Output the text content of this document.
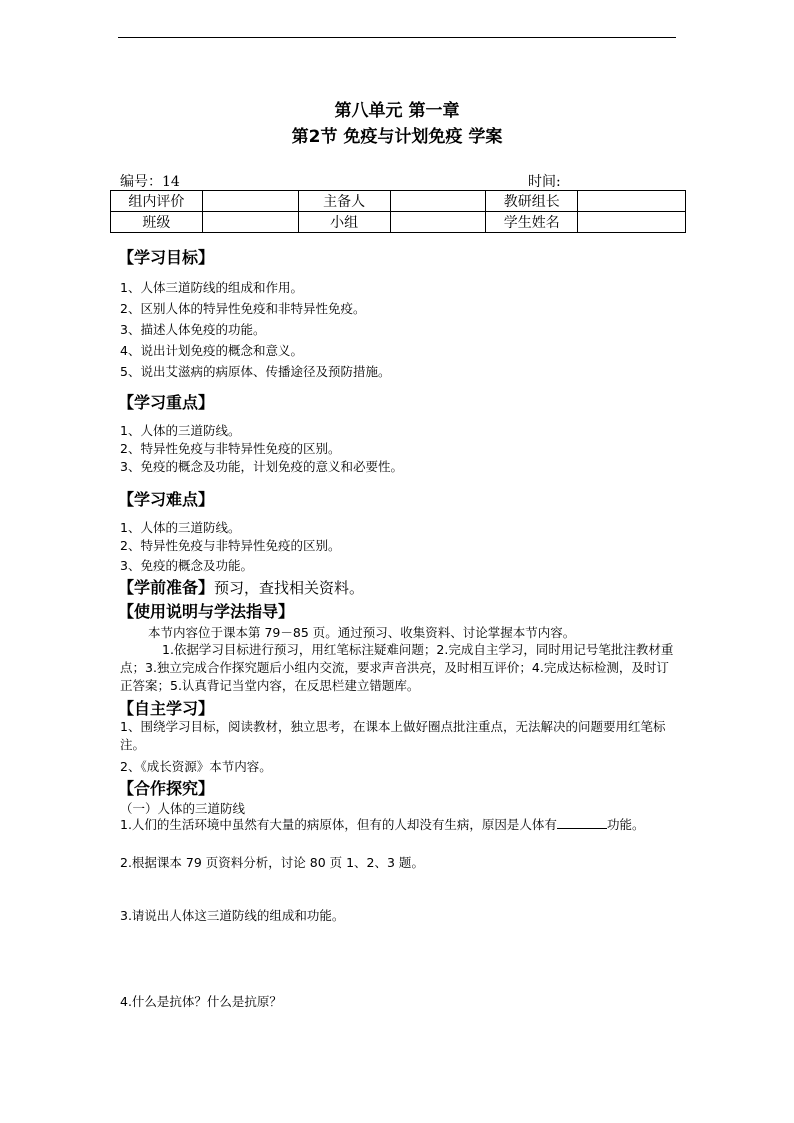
第八单元 第一章
第2节 免疫与计划免疫 学案
编号：14	时间:
组内评价		主备人		教研组长	
班级		小组		学生姓名	
【学习目标】
1、人体三道防线的组成和作用。
2、区别人体的特异性免疫和非特异性免疫。
3、描述人体免疫的功能。
4、说出计划免疫的概念和意义。
5、说出艾滋病的病原体、传播途径及预防措施。
【学习重点】
1、人体的三道防线。
2、特异性免疫与非特异性免疫的区别。
3、免疫的概念及功能，计划免疫的意义和必要性。
【学习难点】
1、人体的三道防线。
2、特异性免疫与非特异性免疫的区别。
3、免疫的概念及功能。
【学前准备】预习，查找相关资料。
【使用说明与学法指导】
本节内容位于课本第 79－85 页。通过预习、收集资料、讨论掌握本节内容。
1.依据学习目标进行预习，用红笔标注疑难问题；2.完成自主学习，同时用记号笔批注教材重点；3.独立完成合作探究题后小组内交流，要求声音洪亮，及时相互评价；4.完成达标检测，及时订正答案；5.认真背记当堂内容，在反思栏建立错题库。
【自主学习】
1、围绕学习目标，阅读教材，独立思考，在课本上做好圈点批注重点，无法解决的问题要用红笔标注。
2、《成长资源》本节内容。
【合作探究】
（一）人体的三道防线
1.人们的生活环境中虽然有大量的病原体，但有的人却没有生病，原因是人体有	功能。
2.根据课本 79 页资料分析，讨论 80 页 1、2、3 题。
3.请说出人体这三道防线的组成和功能。
4.什么是抗体？什么是抗原？
